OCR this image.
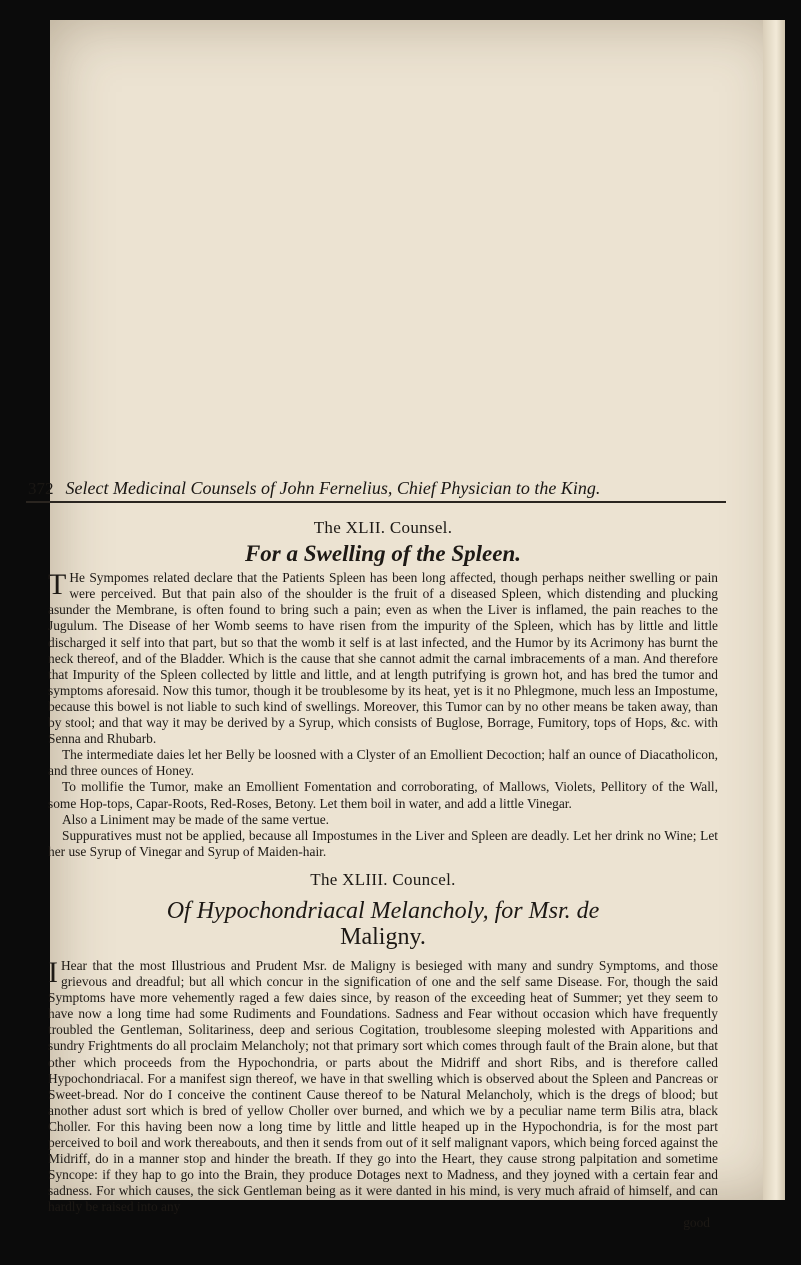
372 Select Medicinal Counsels of John Fernelius, Chief Physician to the King.
The XLII. Counsel.
For a Swelling of the Spleen.

T He Sympomes related declare that the Patients Spleen has been long affected, though perhaps neither swelling or pain were perceived. But that pain also of the shoulder is the fruit of a diseased Spleen, which distending and plucking asunder the Membrane, is often found to bring such a pain; even as when the Liver is inflamed, the pain reaches to the Jugulum. The Disease of her Womb seems to have risen from the impurity of the Spleen, which has by little and little discharged it self into that part, but so that the womb it self is at last infected, and the Humor by its Acrimony has burnt the neck thereof, and of the Bladder. Which is the cause that she cannot admit the carnal imbracements of a man. And therefore that Impurity of the Spleen collected by little and little, and at length putrifying is grown hot, and has bred the tumor and symptoms aforesaid. Now this tumor, though it be troublesome by its heat, yet is it no Phlegmone, much less an Impostume, because this bowel is not liable to such kind of swellings. Moreover, this Tumor can by no other means be taken away, than by stool; and that way it may be derived by a Syrup, which consists of Buglose, Borrage, Fumitory, tops of Hops, &c. with Senna and Rhubarb.

The intermediate daies let her Belly be loosned with a Clyster of an Emollient Decoction; half an ounce of Diacatholicon, and three ounces of Honey.

To mollifie the Tumor, make an Emollient Fomentation and corroborating, of Mallows, Violets, Pellitory of the Wall, some Hop-tops, Capar-Roots, Red-Roses, Betony. Let them boil in water, and add a little Vinegar.

Also a Liniment may be made of the same vertue.

Suppuratives must not be applied, because all Impostumes in the Liver and Spleen are deadly. Let her drink no Wine; Let her use Syrup of Vinegar and Syrup of Maiden-hair.

The XLIII. Councel.
Of Hypochondriacal Melancholy, for Msr. de
Maligny.

I Hear that the most Illustrious and Prudent Msr. de Maligny is besieged with many and sundry Symptoms, and those grievous and dreadful; but all which concur in the signification of one and the self same Disease. For, though the said Symptoms have more vehemently raged a few daies since, by reason of the exceeding heat of Summer; yet they seem to have now a long time had some Rudiments and Foundations. Sadness and Fear without occasion which have frequently troubled the Gentleman, Solitariness, deep and serious Cogitation, troublesome sleeping molested with Apparitions and sundry Frightments do all proclaim Melancholy; not that primary sort which comes through fault of the Brain alone, but that other which proceeds from the Hypochondria, or parts about the Midriff and short Ribs, and is therefore called Hypochondriacal. For a manifest sign thereof, we have in that swelling which is observed about the Spleen and Pancreas or Sweet-bread. Nor do I conceive the continent Cause thereof to be Natural Melancholy, which is the dregs of blood; but another adust sort which is bred of yellow Choller over burned, and which we by a peculiar name term Bilis atra, black Choller. For this having been now a long time by little and little heaped up in the Hypochondria, is for the most part perceived to boil and work thereabouts, and then it sends from out of it self malignant vapors, which being forced against the Midriff, do in a manner stop and hinder the breath. If they go into the Heart, they cause strong palpitation and sometime Syncope: if they hap to go into the Brain, they produce Dotages next to Madness, and they joyned with a certain fear and sadness. For which causes, the sick Gentleman being as it were danted in his mind, is very much afraid of himself, and can hardly be raised into any

good
